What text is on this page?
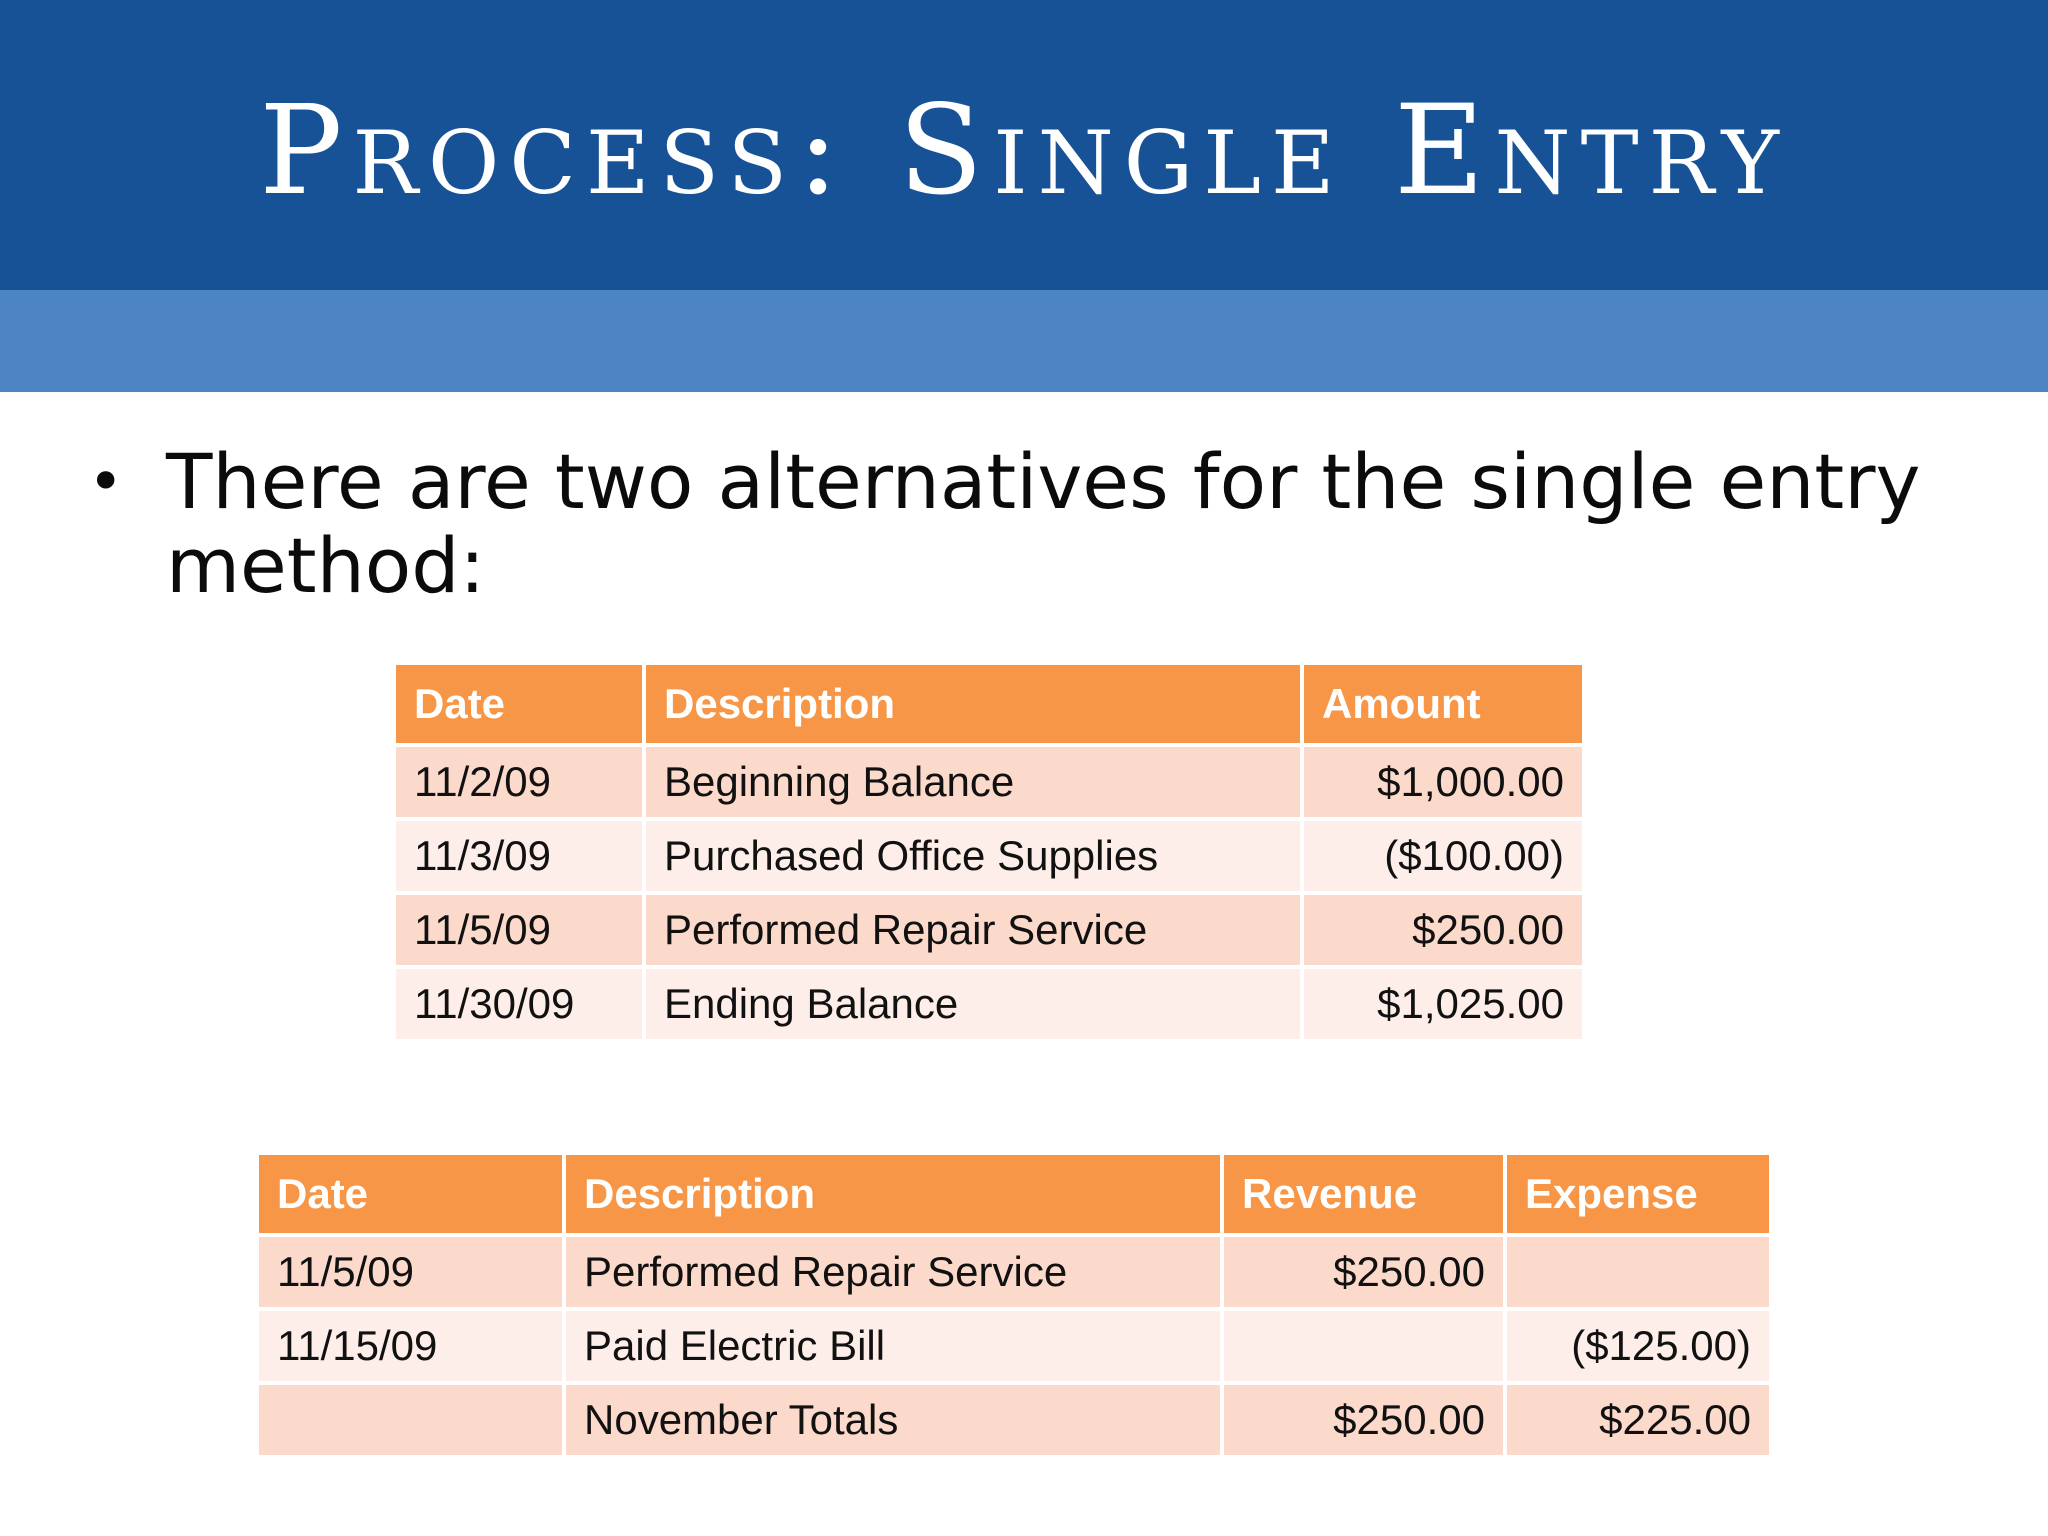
Process: Single Entry
• There are two alternatives for the single entry method:
Date	Description	Amount
11/2/09	Beginning Balance	$1,000.00
11/3/09	Purchased Office Supplies	($100.00)
11/5/09	Performed Repair Service	$250.00
11/30/09	Ending Balance	$1,025.00
Date	Description	Revenue	Expense
11/5/09	Performed Repair Service	$250.00	
11/15/09	Paid Electric Bill		($125.00)
	November Totals	$250.00	$225.00
